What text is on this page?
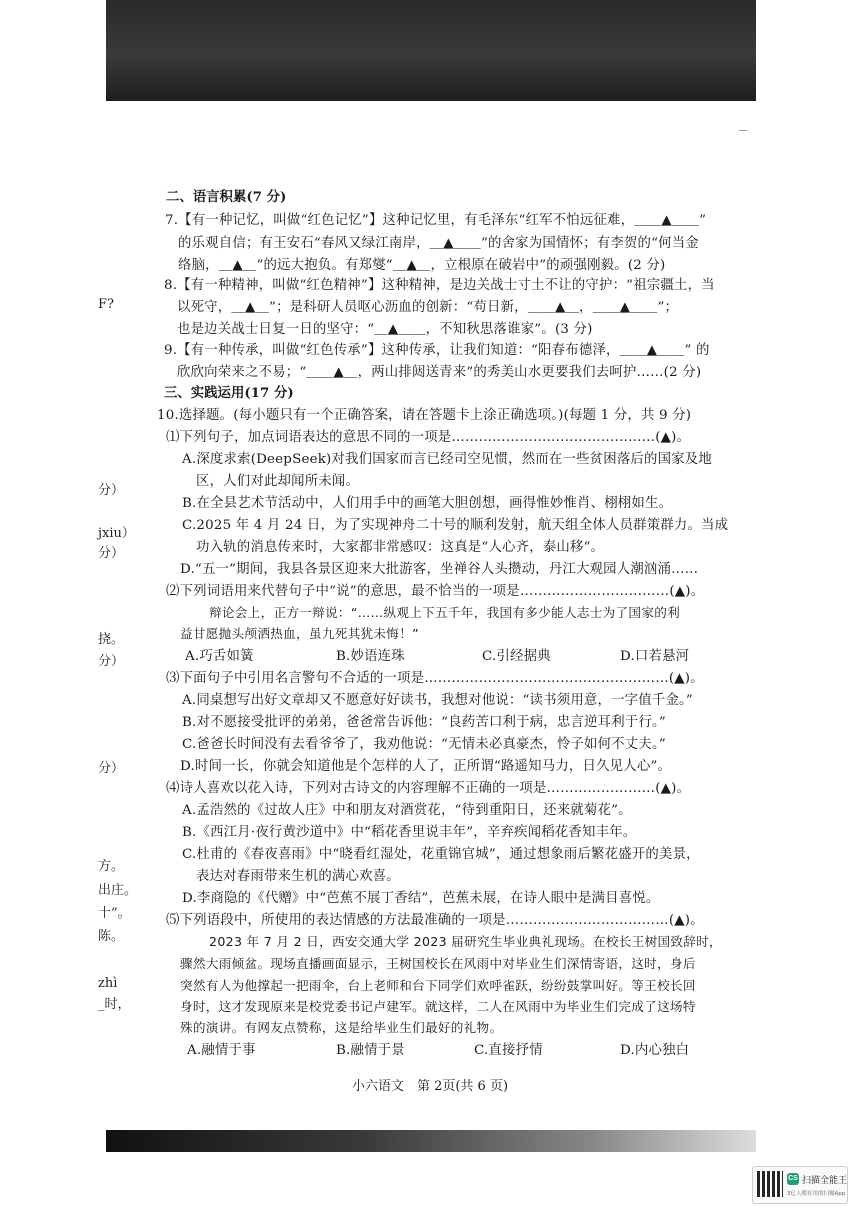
F?
分）
jxiu）
分）
挠。
分）
分）
方。
出庄。
十”。
陈。
zhì
_时，
二、语言积累(7 分)
7.【有一种记忆，叫做“红色记忆”】这种记忆里，有毛泽东“红军不怕远征难，＿＿▲＿＿”
的乐观自信；有王安石“春风又绿江南岸，＿▲＿＿”的舍家为国情怀；有李贺的“何当金
络脑，＿▲＿”的远大抱负。有郑燮“＿▲＿，立根原在破岩中”的顽强刚毅。(2 分)
8.【有一种精神，叫做“红色精神”】这种精神，是边关战士寸土不让的守护：“祖宗疆土，当
以死守，＿▲＿”；是科研人员呕心沥血的创新：“苟日新，＿＿▲＿，＿＿▲＿＿”；
也是边关战士日复一日的坚守：“＿▲＿＿，不知秋思落谁家”。(3 分)
9.【有一种传承，叫做“红色传承”】这种传承，让我们知道：“阳春布德泽，＿＿▲＿＿” 的
欣欣向荣来之不易；“＿＿▲＿，两山排闼送青来”的秀美山水更要我们去呵护……(2 分)
三、实践运用(17 分)
10.选择题。(每小题只有一个正确答案，请在答题卡上涂正确选项。)(每题 1 分，共 9 分)
⑴下列句子，加点词语表达的意思不同的一项是………………………………………(▲)。
A.深度求索(DeepSeek)对我们国家而言已经司空见惯，然而在一些贫困落后的国家及地
区，人们对此却闻所未闻。
B.在全县艺术节活动中，人们用手中的画笔大胆创想，画得惟妙惟肖、栩栩如生。
C.2025 年 4 月 24 日，为了实现神舟二十号的顺利发射，航天组全体人员群策群力。当成
功入轨的消息传来时，大家都非常感叹：这真是“人心齐，泰山移”。
D.“五一”期间，我县各景区迎来大批游客，坐禅谷人头攒动，丹江大观园人潮汹涌……
⑵下列词语用来代替句子中“说”的意思，最不恰当的一项是……………………………(▲)。
辩论会上，正方一辩说：“……纵观上下五千年，我国有多少能人志士为了国家的利
益甘愿抛头颅洒热血，虽九死其犹未悔！”
A.巧舌如簧	B.妙语连珠	C.引经据典	D.口若悬河
⑶下面句子中引用名言警句不合适的一项是………………………………………………(▲)。
A.同桌想写出好文章却又不愿意好好读书，我想对他说：“读书须用意，一字值千金。”
B.对不愿接受批评的弟弟，爸爸常告诉他：“良药苦口利于病，忠言逆耳利于行。”
C.爸爸长时间没有去看爷爷了，我劝他说：“无情未必真豪杰，怜子如何不丈夫。”
D.时间一长，你就会知道他是个怎样的人了，正所谓“路遥知马力，日久见人心”。
⑷诗人喜欢以花入诗，下列对古诗文的内容理解不正确的一项是……………………(▲)。
A.孟浩然的《过故人庄》中和朋友对酒赏花，“待到重阳日，还来就菊花”。
B.《西江月·夜行黄沙道中》中“稻花香里说丰年”，辛弃疾闻稻花香知丰年。
C.杜甫的《春夜喜雨》中“晓看红湿处，花重锦官城”，通过想象雨后繁花盛开的美景，
表达对春雨带来生机的满心欢喜。
D.李商隐的《代赠》中“芭蕉不展丁香结”，芭蕉未展，在诗人眼中是满目喜悦。
⑸下列语段中，所使用的表达情感的方法最准确的一项是………………………………(▲)。
2023 年 7 月 2 日，西安交通大学 2023 届研究生毕业典礼现场。在校长王树国致辞时，
骤然大雨倾盆。现场直播画面显示，王树国校长在风雨中对毕业生们深情寄语，这时，身后
突然有人为他撑起一把雨伞，台上老师和台下同学们欢呼雀跃，纷纷鼓掌叫好。等王校长回
身时，这才发现原来是校党委书记卢建军。就这样，二人在风雨中为毕业生们完成了这场特
殊的演讲。有网友点赞称，这是给毕业生们最好的礼物。
A.融情于事	B.融情于景	C.直接抒情	D.内心独白
小六语文　第 2页(共 6 页)
CS 扫描全能王
3亿人都在用的扫描App
